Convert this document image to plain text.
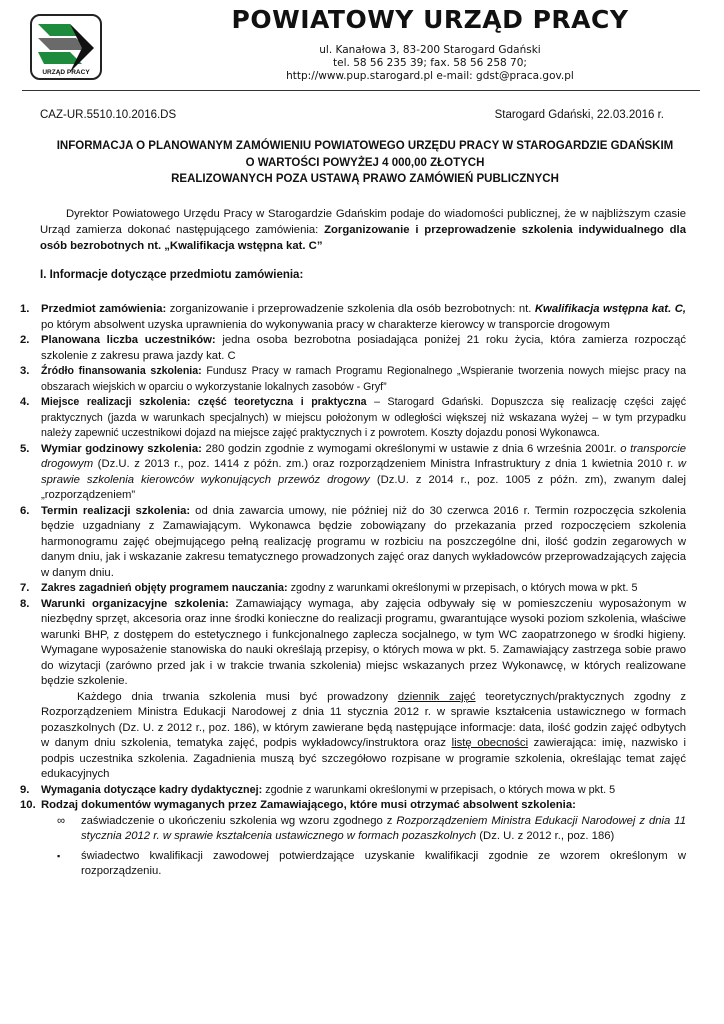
URZĄD PRACY
POWIATOWY URZĄD PRACY
ul. Kanałowa 3, 83-200 Starogard Gdański
tel. 58 56 235 39; fax. 58 56 258 70;
http://www.pup.starogard.pl e-mail: gdst@praca.gov.pl
CAZ-UR.5510.10.2016.DS	Starogard Gdański, 22.03.2016 r.
INFORMACJA O PLANOWANYM ZAMÓWIENIU POWIATOWEGO URZĘDU PRACY W STAROGARDZIE GDAŃSKIM
O WARTOŚCI POWYŻEJ 4 000,00 ZŁOTYCH
REALIZOWANYCH POZA USTAWĄ PRAWO ZAMÓWIEŃ PUBLICZNYCH
Dyrektor Powiatowego Urzędu Pracy w Starogardzie Gdańskim podaje do wiadomości publicznej, że w najbliższym czasie Urząd zamierza dokonać następującego zamówienia: Zorganizowanie i przeprowadzenie szkolenia indywidualnego dla osób bezrobotnych nt. „Kwalifikacja wstępna kat. C”
I. Informacje dotyczące przedmiotu zamówienia:
1. Przedmiot zamówienia: zorganizowanie i przeprowadzenie szkolenia dla osób bezrobotnych: nt. Kwalifikacja wstępna kat. C, po którym absolwent uzyska uprawnienia do wykonywania pracy w charakterze kierowcy w transporcie drogowym
2. Planowana liczba uczestników: jedna osoba bezrobotna posiadająca poniżej 21 roku życia, która zamierza rozpocząć szkolenie z zakresu prawa jazdy kat. C
3. Źródło finansowania szkolenia: Fundusz Pracy w ramach Programu Regionalnego „Wspieranie tworzenia nowych miejsc pracy na obszarach wiejskich w oparciu o wykorzystanie lokalnych zasobów - Gryf”
4. Miejsce realizacji szkolenia: część teoretyczna i praktyczna – Starogard Gdański. Dopuszcza się realizację części zajęć praktycznych (jazda w warunkach specjalnych) w miejscu położonym w odległości większej niż wskazana wyżej – w tym przypadku należy zapewnić uczestnikowi dojazd na miejsce zajęć praktycznych i z powrotem. Koszty dojazdu ponosi Wykonawca.
5. Wymiar godzinowy szkolenia: 280 godzin zgodnie z wymogami określonymi w ustawie z dnia 6 września 2001r. o transporcie drogowym (Dz.U. z 2013 r., poz. 1414 z późn. zm.) oraz rozporządzeniem Ministra Infrastruktury z dnia 1 kwietnia 2010 r. w sprawie szkolenia kierowców wykonujących przewóz drogowy (Dz.U. z 2014 r., poz. 1005 z późn. zm), zwanym dalej „rozporządzeniem”
6. Termin realizacji szkolenia: od dnia zawarcia umowy, nie później niż do 30 czerwca 2016 r. Termin rozpoczęcia szkolenia będzie uzgadniany z Zamawiającym. Wykonawca będzie zobowiązany do przekazania przed rozpoczęciem szkolenia harmonogramu zajęć obejmującego pełną realizację programu w rozbiciu na poszczególne dni, ilość godzin zegarowych w danym dniu, jak i wskazanie zakresu tematycznego prowadzonych zajęć oraz danych wykładowców przeprowadzających zajęcia w danym dniu.
7. Zakres zagadnień objęty programem nauczania: zgodny z warunkami określonymi w przepisach, o których mowa w pkt. 5
8. Warunki organizacyjne szkolenia: Zamawiający wymaga, aby zajęcia odbywały się w pomieszczeniu wyposażonym w niezbędny sprzęt, akcesoria oraz inne środki konieczne do realizacji programu, gwarantujące wysoki poziom szkolenia, właściwe warunki BHP, z dostępem do estetycznego i funkcjonalnego zaplecza socjalnego, w tym WC zaopatrzonego w środki higieny. Wymagane wyposażenie stanowiska do nauki określają przepisy, o których mowa w pkt. 5. Zamawiający zastrzega sobie prawo do wizytacji (zarówno przed jak i w trakcie trwania szkolenia) miejsc wskazanych przez Wykonawcę, w których realizowane będzie szkolenie.
Każdego dnia trwania szkolenia musi być prowadzony dziennik zajęć teoretycznych/praktycznych zgodny z Rozporządzeniem Ministra Edukacji Narodowej z dnia 11 stycznia 2012 r. w sprawie kształcenia ustawicznego w formach pozaszkolnych (Dz. U. z 2012 r., poz. 186), w którym zawierane będą następujące informacje: data, ilość godzin zajęć odbytych w danym dniu szkolenia, tematyka zajęć, podpis wykładowcy/instruktora oraz listę obecności zawierająca: imię, nazwisko i podpis uczestnika szkolenia. Zagadnienia muszą być szczegółowo rozpisane w programie szkolenia, określając temat zajęć edukacyjnych
9. Wymagania dotyczące kadry dydaktycznej: zgodnie z warunkami określonymi w przepisach, o których mowa w pkt. 5
10. Rodzaj dokumentów wymaganych przez Zamawiającego, które musi otrzymać absolwent szkolenia:
∞ zaświadczenie o ukończeniu szkolenia wg wzoru zgodnego z Rozporządzeniem Ministra Edukacji Narodowej z dnia 11 stycznia 2012 r. w sprawie kształcenia ustawicznego w formach pozaszkolnych (Dz. U. z 2012 r., poz. 186)
▪ świadectwo kwalifikacji zawodowej potwierdzające uzyskanie kwalifikacji zgodnie ze wzorem określonym w rozporządzeniu.
